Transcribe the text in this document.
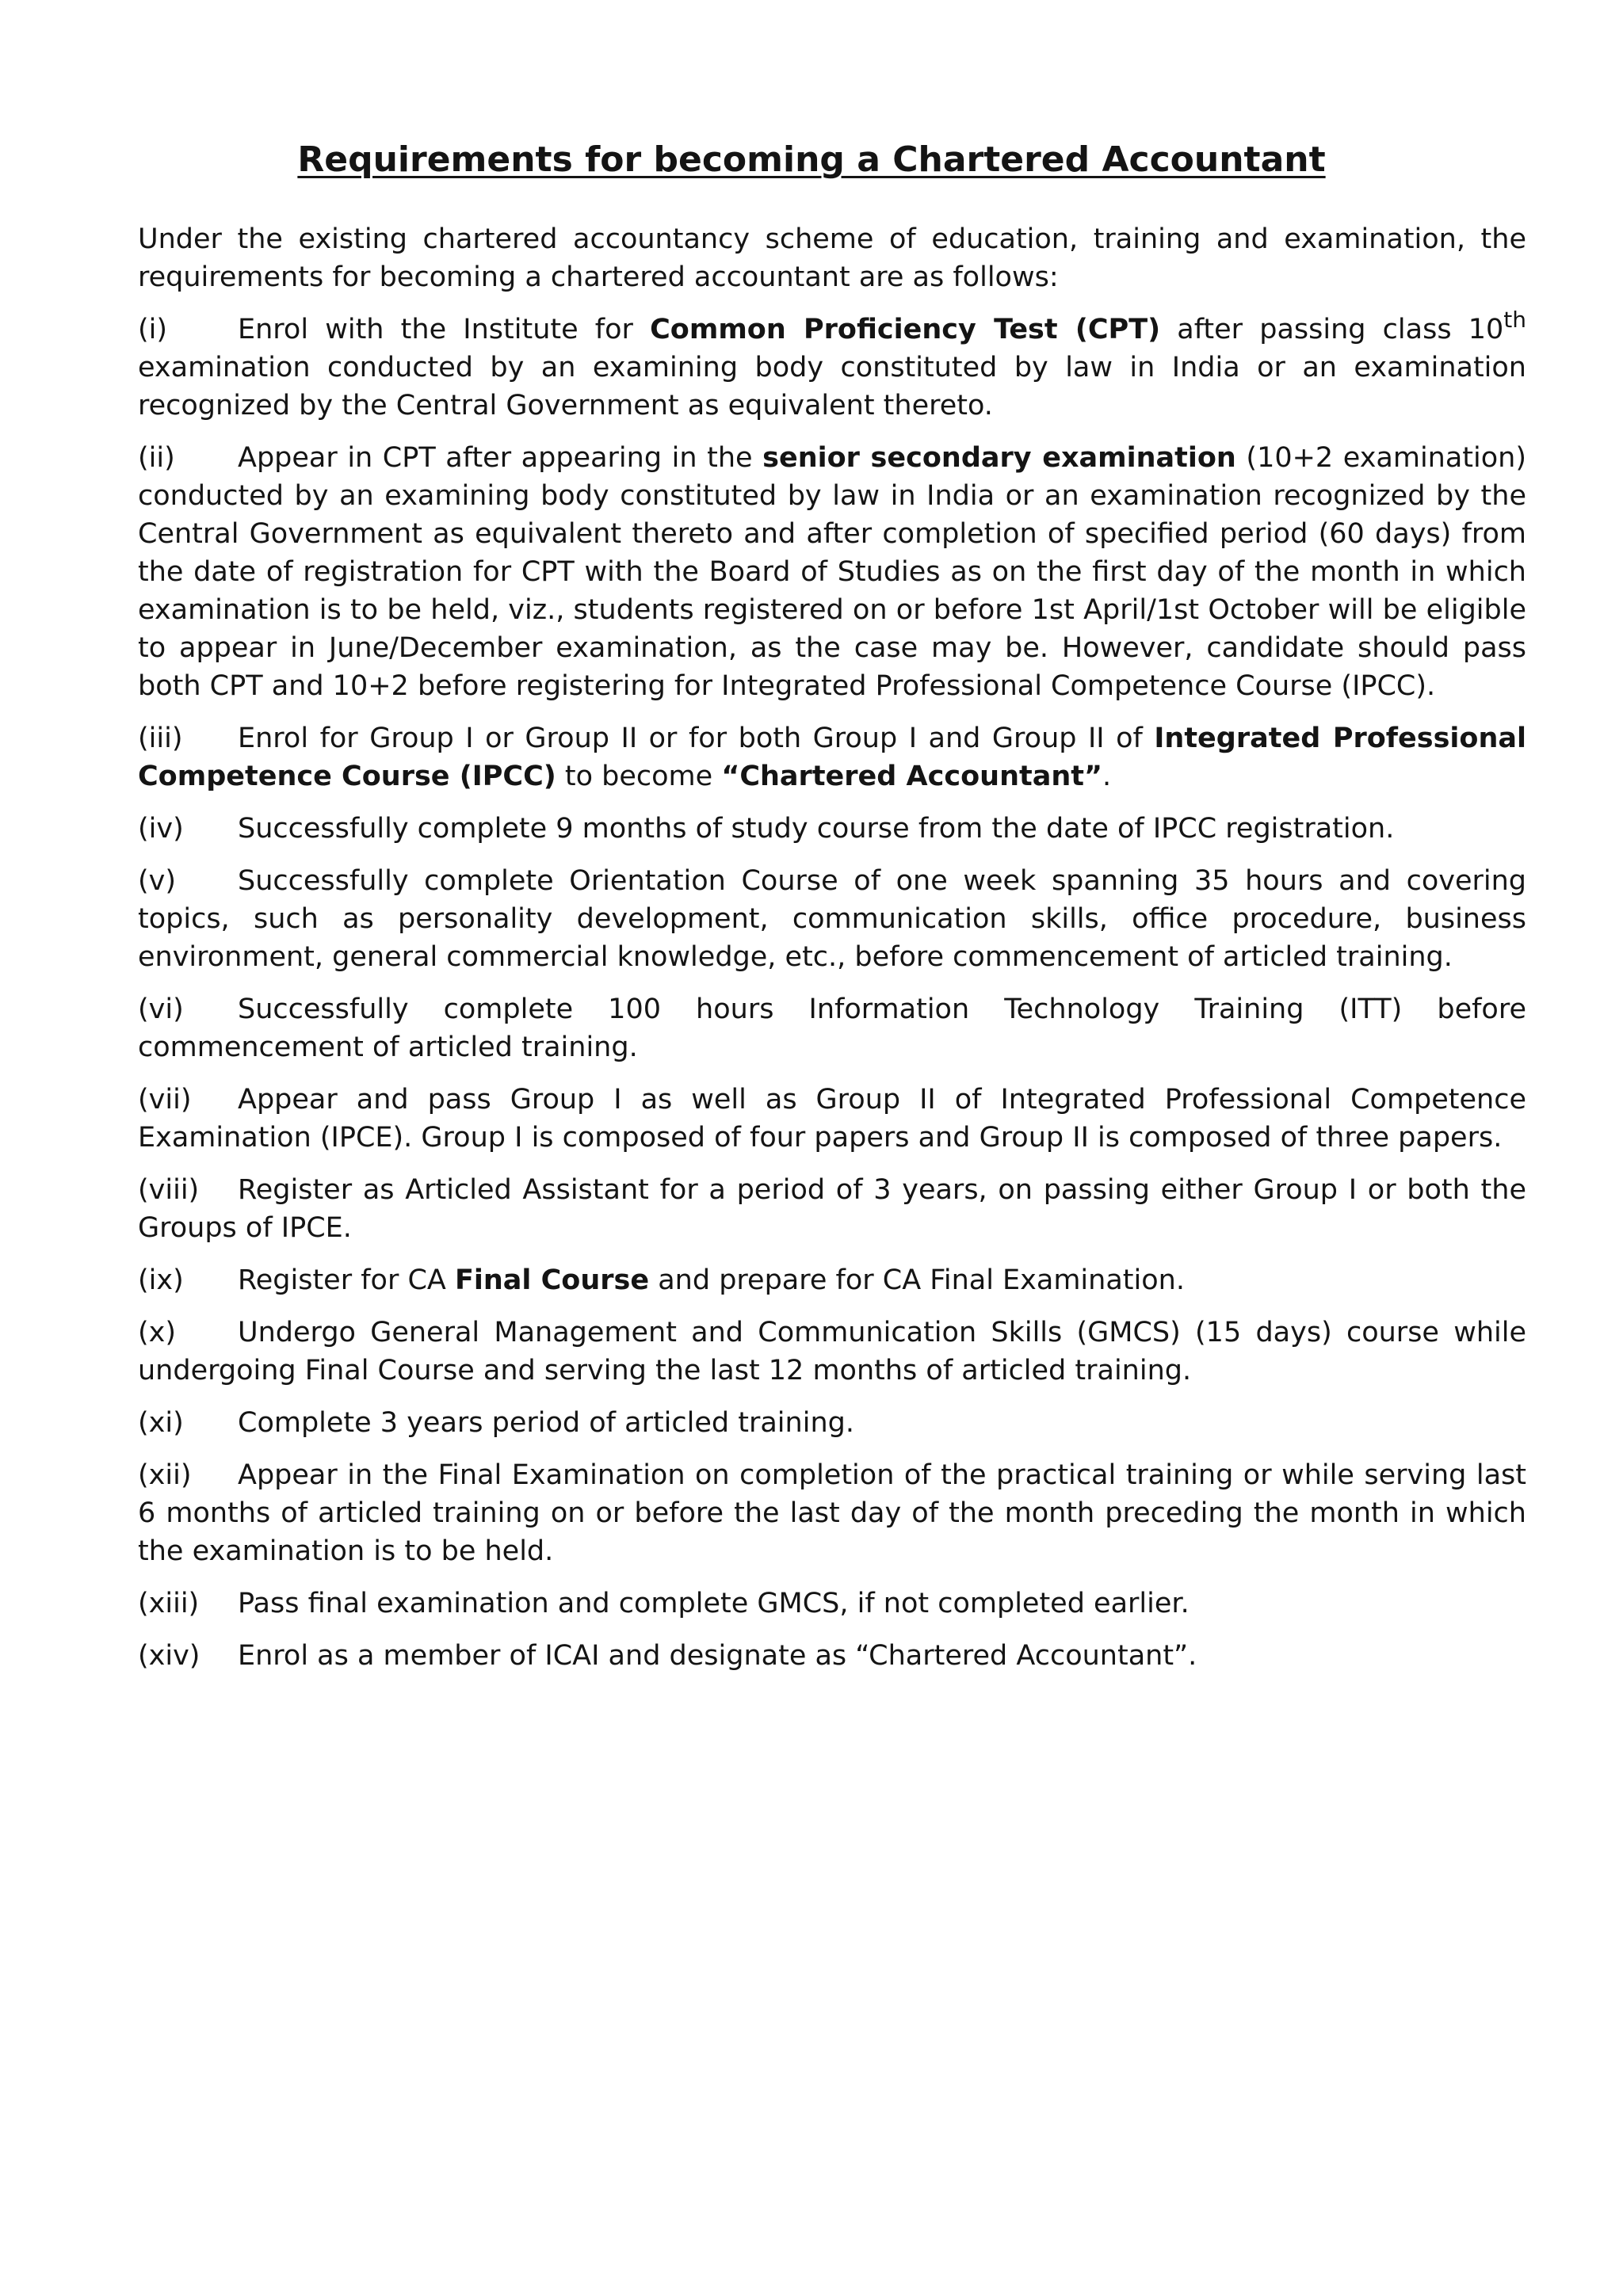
Requirements for becoming a Chartered Accountant

Under the existing chartered accountancy scheme of education, training and examination, the requirements for becoming a chartered accountant are as follows:

(i)	Enrol with the Institute for Common Proficiency Test (CPT) after passing class 10th examination conducted by an examining body constituted by law in India or an examination recognized by the Central Government as equivalent thereto.

(ii) Appear in CPT after appearing in the senior secondary examination (10+2 examination) conducted by an examining body constituted by law in India or an examination recognized by the Central Government as equivalent thereto and after completion of specified period (60 days) from the date of registration for CPT with the Board of Studies as on the first day of the month in which examination is to be held, viz., students registered on or before 1st April/1st October will be eligible to appear in June/December examination, as the case may be. However, candidate should pass both CPT and 10+2 before registering for Integrated Professional Competence Course (IPCC).

(iii) Enrol for Group I or Group II or for both Group I and Group II of Integrated Professional Competence Course (IPCC) to become “Chartered Accountant”.

(iv) Successfully complete 9 months of study course from the date of IPCC registration.

(v) Successfully complete Orientation Course of one week spanning 35 hours and covering topics, such as personality development, communication skills, office procedure, business environment, general commercial knowledge, etc., before commencement of articled training.

(vi) Successfully complete 100 hours Information Technology Training (ITT) before commencement of articled training.

(vii) Appear and pass Group I as well as Group II of Integrated Professional Competence Examination (IPCE). Group I is composed of four papers and Group II is composed of three papers.

(viii) Register as Articled Assistant for a period of 3 years, on passing either Group I or both the Groups of IPCE.

(ix) Register for CA Final Course and prepare for CA Final Examination.

(x) Undergo General Management and Communication Skills (GMCS) (15 days) course while undergoing Final Course and serving the last 12 months of articled training.

(xi) Complete 3 years period of articled training.

(xii) Appear in the Final Examination on completion of the practical training or while serving last 6 months of articled training on or before the last day of the month preceding the month in which the examination is to be held.

(xiii) Pass final examination and complete GMCS, if not completed earlier.

(xiv) Enrol as a member of ICAI and designate as “Chartered Accountant”.
